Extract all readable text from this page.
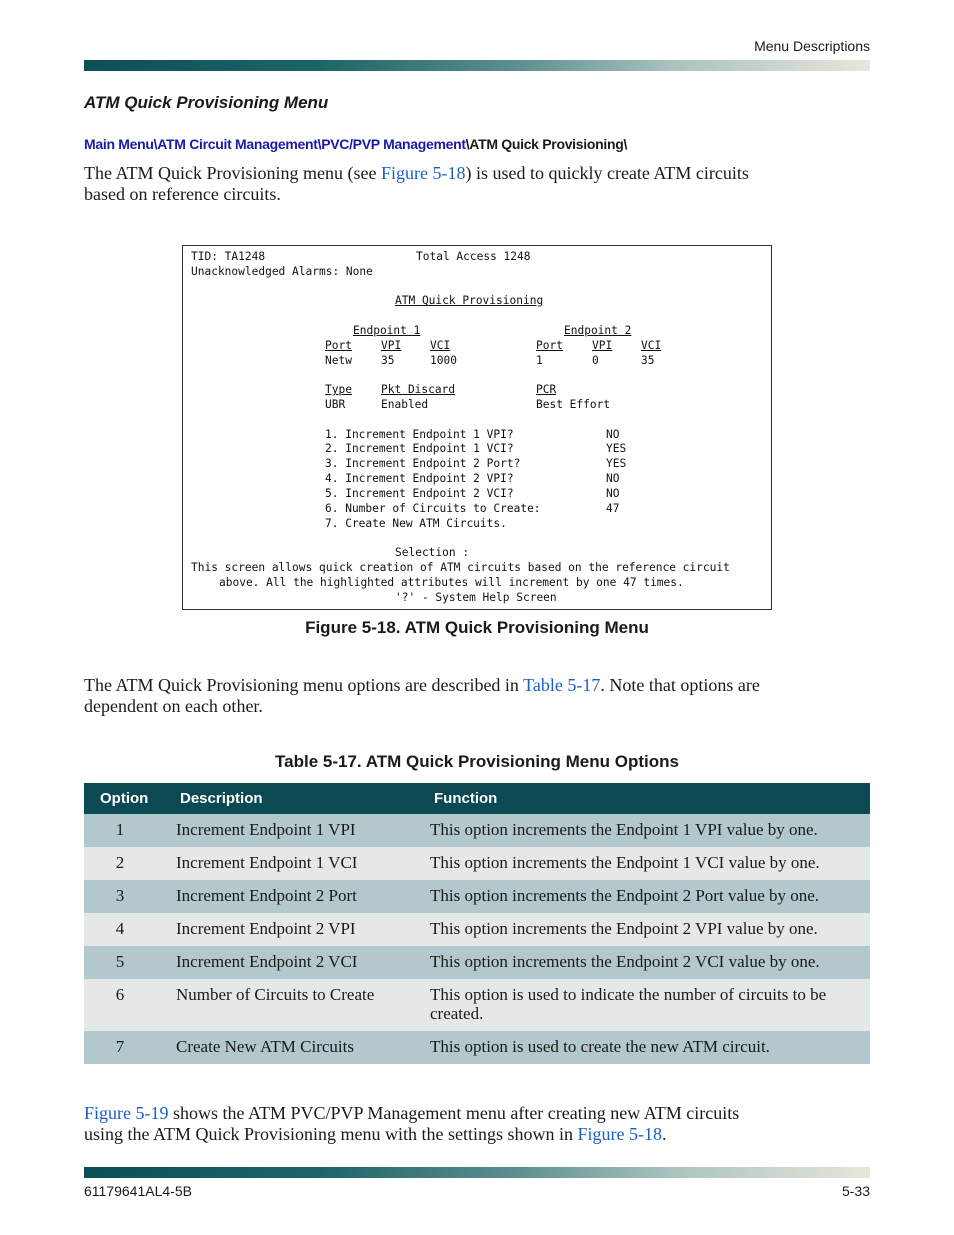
Menu Descriptions
ATM Quick Provisioning Menu
Main Menu\ATM Circuit Management\PVC/PVP Management\ATM Quick Provisioning\
The ATM Quick Provisioning menu (see Figure 5-18) is used to quickly create ATM circuits
based on reference circuits.
TID: TA1248	Total Access 1248
Unacknowledged Alarms: None
ATM Quick Provisioning
Endpoint 1	Endpoint 2
Port	VPI	VCI	Port	VPI	VCI
Netw	35	1000	1	0	35
Type	Pkt Discard	PCR
UBR	Enabled	Best Effort
1. Increment Endpoint 1 VPI?	NO
2. Increment Endpoint 1 VCI?	YES
3. Increment Endpoint 2 Port?	YES
4. Increment Endpoint 2 VPI?	NO
5. Increment Endpoint 2 VCI?	NO
6. Number of Circuits to Create:	47
7. Create New ATM Circuits.
Selection :
This screen allows quick creation of ATM circuits based on the reference circuit
above. All the highlighted attributes will increment by one 47 times.
'?' - System Help Screen
Figure 5-18. ATM Quick Provisioning Menu
The ATM Quick Provisioning menu options are described in Table 5-17. Note that options are
dependent on each other.
Table 5-17. ATM Quick Provisioning Menu Options
Option	Description	Function
1	Increment Endpoint 1 VPI	This option increments the Endpoint 1 VPI value by one.
2	Increment Endpoint 1 VCI	This option increments the Endpoint 1 VCI value by one.
3	Increment Endpoint 2 Port	This option increments the Endpoint 2 Port value by one.
4	Increment Endpoint 2 VPI	This option increments the Endpoint 2 VPI value by one.
5	Increment Endpoint 2 VCI	This option increments the Endpoint 2 VCI value by one.
6	Number of Circuits to Create	This option is used to indicate the number of circuits to be created.
7	Create New ATM Circuits	This option is used to create the new ATM circuit.
Figure 5-19 shows the ATM PVC/PVP Management menu after creating new ATM circuits
using the ATM Quick Provisioning menu with the settings shown in Figure 5-18.
61179641AL4-5B	5-33
